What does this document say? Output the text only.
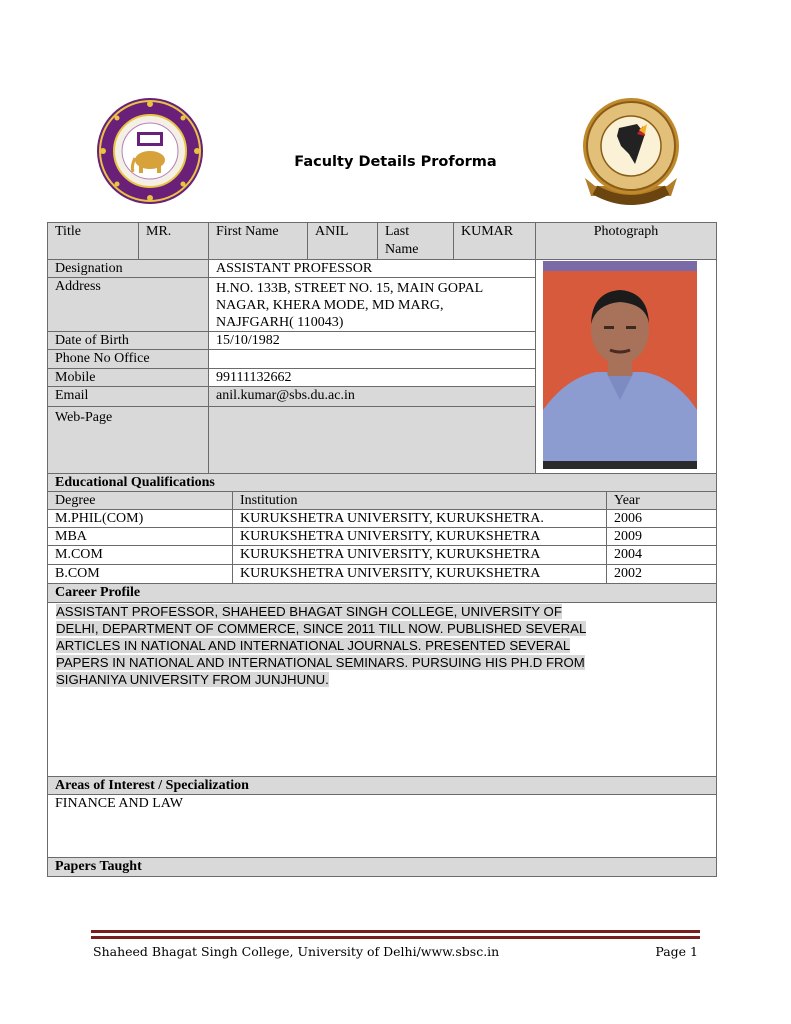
Faculty Details Proforma
Title	MR.	First Name	ANIL	Last
Name
KUMAR	Photograph
Designation	ASSISTANT PROFESSOR
Address	H.NO. 133B, STREET NO. 15, MAIN GOPAL
NAGAR, KHERA MODE, MD MARG,
NAJFGARH( 110043)
Date of Birth	15/10/1982
Phone No Office
Mobile	99111132662
Email	anil.kumar@sbs.du.ac.in
Web-Page
Educational Qualifications
Degree	Institution	Year
M.PHIL(COM)	KURUKSHETRA UNIVERSITY, KURUKSHETRA.	2006
MBA	KURUKSHETRA UNIVERSITY, KURUKSHETRA	2009
M.COM	KURUKSHETRA UNIVERSITY, KURUKSHETRA	2004
B.COM	KURUKSHETRA UNIVERSITY, KURUKSHETRA	2002
Career Profile
ASSISTANT PROFESSOR, SHAHEED BHAGAT SINGH COLLEGE, UNIVERSITY OF
DELHI, DEPARTMENT OF COMMERCE, SINCE 2011 TILL NOW. PUBLISHED SEVERAL
ARTICLES IN NATIONAL AND INTERNATIONAL JOURNALS. PRESENTED SEVERAL
PAPERS IN NATIONAL AND INTERNATIONAL SEMINARS. PURSUING HIS PH.D FROM
SIGHANIYA UNIVERSITY FROM JUNJHUNU.
Areas of Interest / Specialization
FINANCE AND LAW
Papers Taught
Shaheed Bhagat Singh College, University of Delhi/www.sbsc.in	Page 1
